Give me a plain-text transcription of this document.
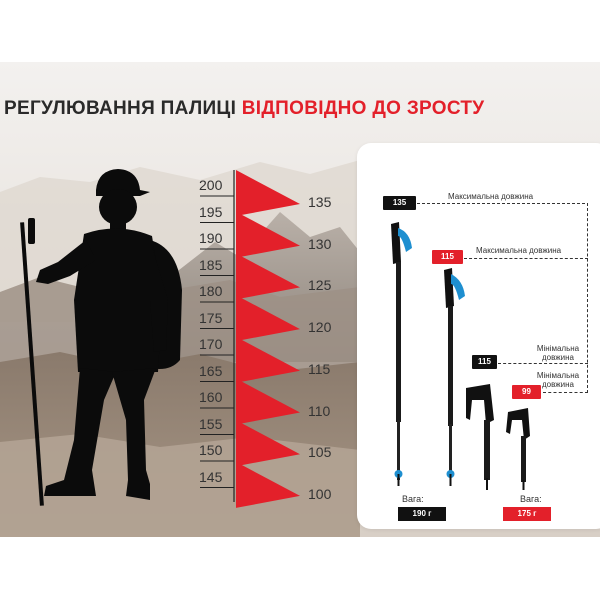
РЕГУЛЮВАННЯ ПАЛИЦІ ВІДПОВІДНО ДО ЗРОСТУ
135
Максимальна довжина
115
Максимальна довжина
115
Мінімальна довжина
99
Мінімальна довжина
Вага:
190 г
Вага:
175 г
200
195
190
185
180
175
170
165
160
155
150
145
135
130
125
120
115
110
105
100
